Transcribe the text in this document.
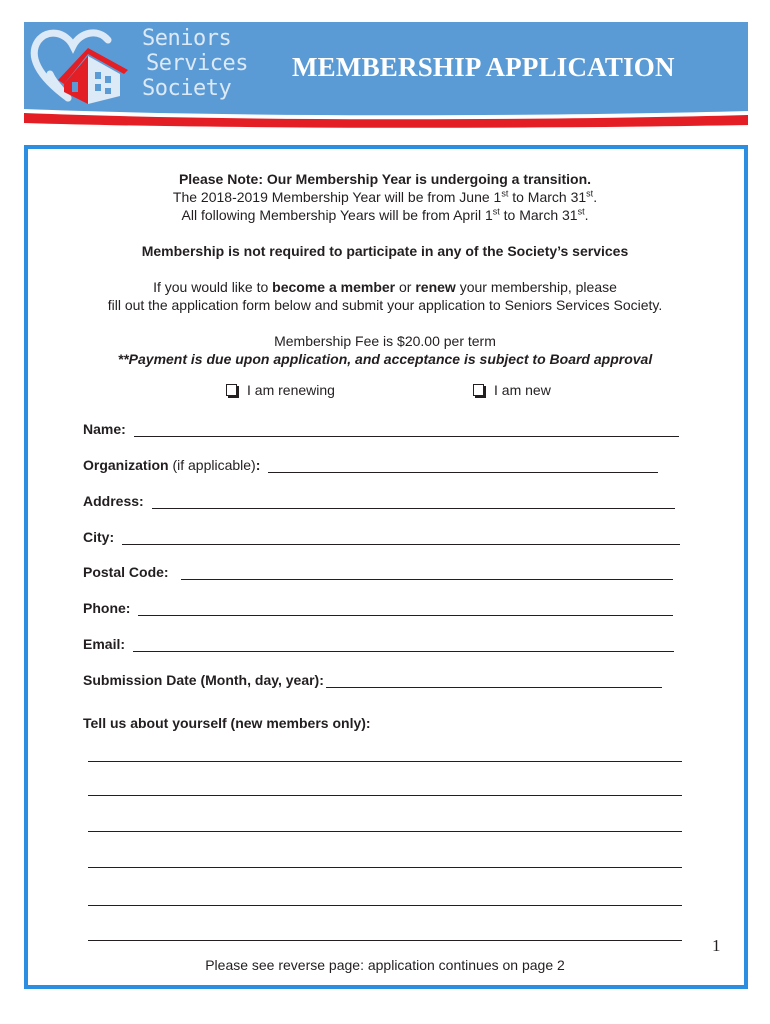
Seniors
Services
Society
MEMBERSHIP APPLICATION
Please Note: Our Membership Year is undergoing a transition.
The 2018-2019 Membership Year will be from June 1st to March 31st.
All following Membership Years will be from April 1st to March 31st.
Membership is not required to participate in any of the Society’s services
If you would like to become a member or renew your membership, please
fill out the application form below and submit your application to Seniors Services Society.
Membership Fee is $20.00 per term
**Payment is due upon application, and acceptance is subject to Board approval
I am renewing	I am new
Name:
Organization (if applicable):
Address:
City:
Postal Code:
Phone:
Email:
Submission Date (Month, day, year):
Tell us about yourself (new members only):
1
Please see reverse page: application continues on page 2
